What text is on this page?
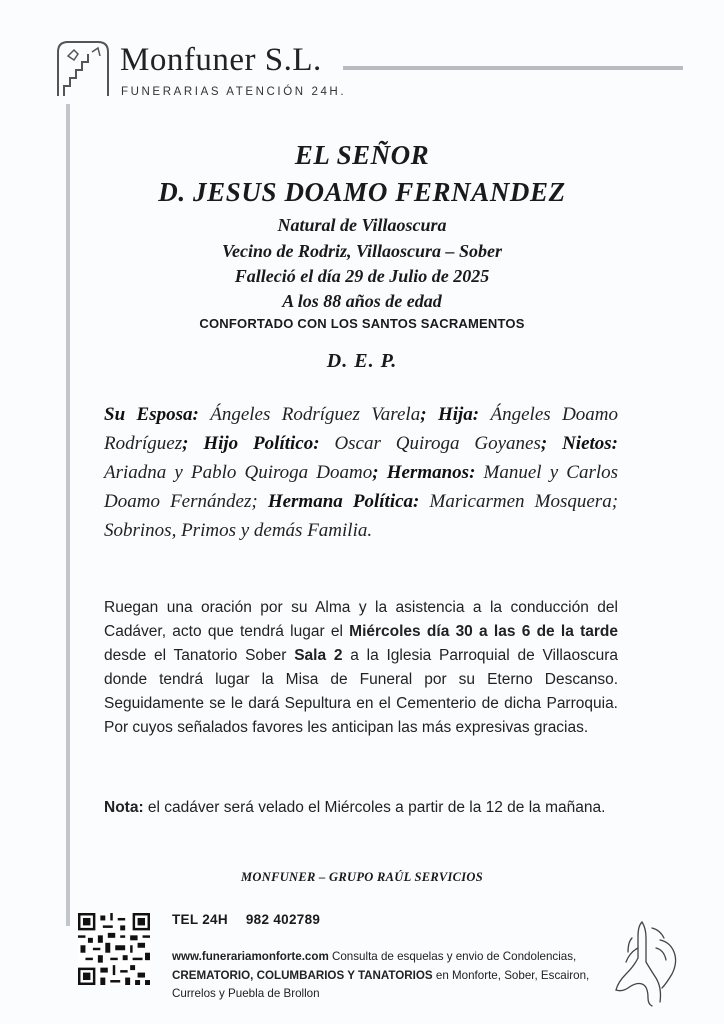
Monfuner S.L.
FUNERARIAS ATENCIÓN 24H.
EL SEÑOR
D. JESUS DOAMO FERNANDEZ
Natural de Villaoscura
Vecino de Rodriz, Villaoscura – Sober
Falleció el día 29 de Julio de 2025
A los 88 años de edad
CONFORTADO CON LOS SANTOS SACRAMENTOS
D. E. P.
Su Esposa: Ángeles Rodríguez Varela; Hija: Ángeles Doamo Rodríguez; Hijo Político: Oscar Quiroga Goyanes; Nietos: Ariadna y Pablo Quiroga Doamo; Hermanos: Manuel y Carlos Doamo Fernández; Hermana Política: Maricarmen Mosquera; Sobrinos, Primos y demás Familia.
Ruegan una oración por su Alma y la asistencia a la conducción del Cadáver, acto que tendrá lugar el Miércoles día 30 a las 6 de la tarde desde el Tanatorio Sober Sala 2 a la Iglesia Parroquial de Villaoscura donde tendrá lugar la Misa de Funeral por su Eterno Descanso. Seguidamente se le dará Sepultura en el Cementerio de dicha Parroquia. Por cuyos señalados favores les anticipan las más expresivas gracias.
Nota: el cadáver será velado el Miércoles a partir de la 12 de la mañana.
MONFUNER – GRUPO RAÚL SERVICIOS
TEL 24H 982 402789
www.funerariamonforte.com Consulta de esquelas y envio de Condolencias, CREMATORIO, COLUMBARIOS Y TANATORIOS en Monforte, Sober, Escairon, Currelos y Puebla de Brollon
